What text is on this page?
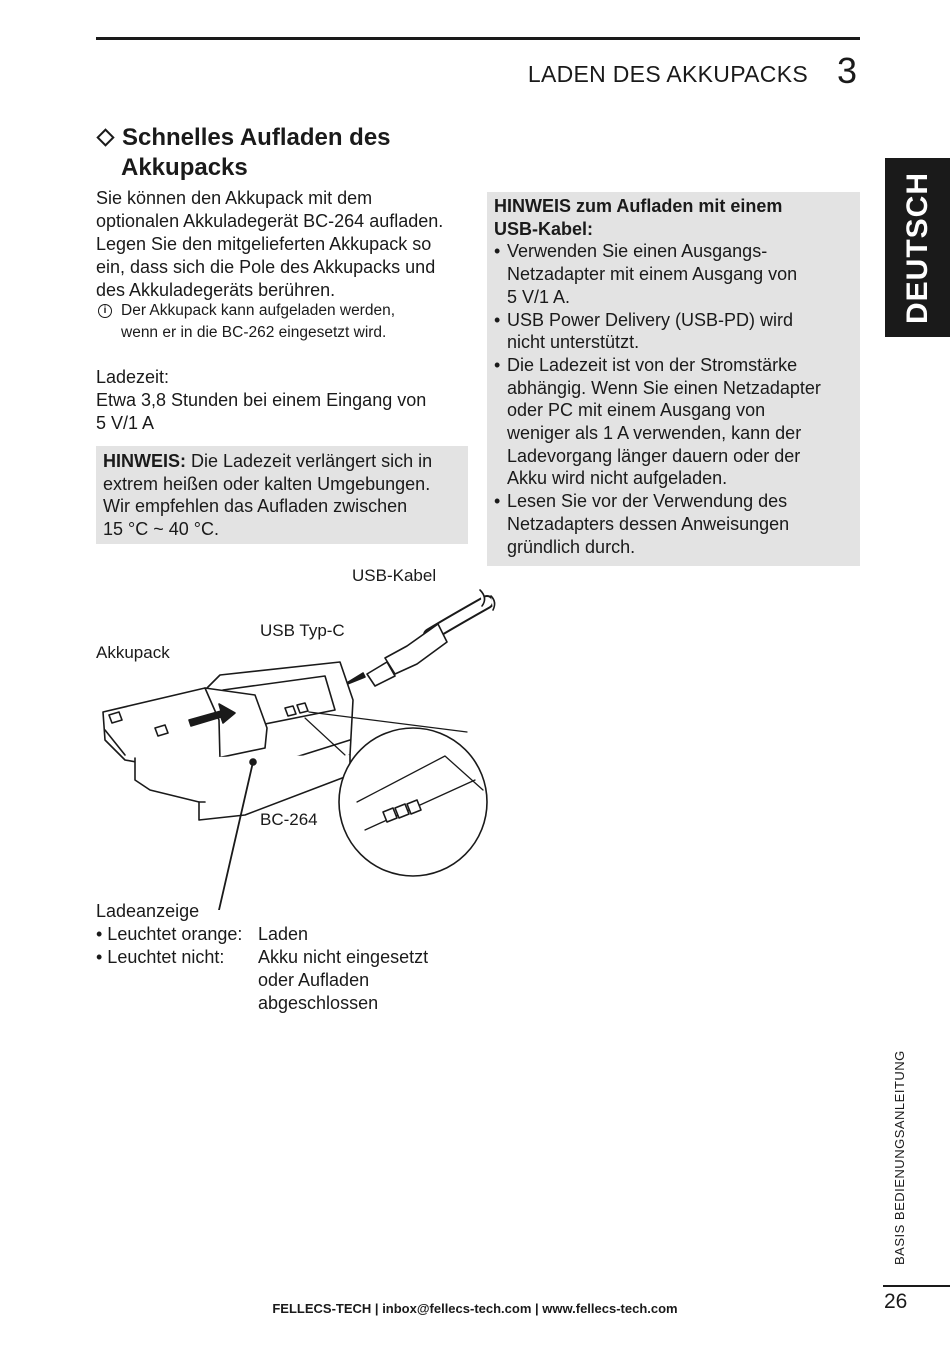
LADEN DES AKKUPACKS 3
DEUTSCH
Schnelles Aufladen des
Akkupacks
Sie können den Akkupack mit dem
optionalen Akkuladegerät BC-264 aufladen.
Legen Sie den mitgelieferten Akkupack so
ein, dass sich die Pole des Akkupacks und
des Akkuladegeräts berühren.
i Der Akkupack kann aufgeladen werden,
wenn er in die BC-262 eingesetzt wird.
Ladezeit:
Etwa 3,8 Stunden bei einem Eingang von
5 V/1 A
HINWEIS: Die Ladezeit verlängert sich in
extrem heißen oder kalten Umgebungen.
Wir empfehlen das Aufladen zwischen
15 °C ~ 40 °C.
HINWEIS zum Aufladen mit einem
USB-Kabel:
• Verwenden Sie einen Ausgangs-
Netzadapter mit einem Ausgang von
5 V/1 A.
• USB Power Delivery (USB-PD) wird
nicht unterstützt.
• Die Ladezeit ist von der Stromstärke
abhängig. Wenn Sie einen Netzadapter
oder PC mit einem Ausgang von
weniger als 1 A verwenden, kann der
Ladevorgang länger dauern oder der
Akku wird nicht aufgeladen.
• Lesen Sie vor der Verwendung des
Netzadapters dessen Anweisungen
gründlich durch.
USB-Kabel
USB Typ-C
Akkupack
BC-264
Ladeanzeige
• Leuchtet orange: Laden
• Leuchtet nicht: Akku nicht eingesetzt
oder Aufladen
abgeschlossen
BASIS BEDIENUNGSANLEITUNG
26
FELLECS-TECH | inbox@fellecs-tech.com | www.fellecs-tech.com
